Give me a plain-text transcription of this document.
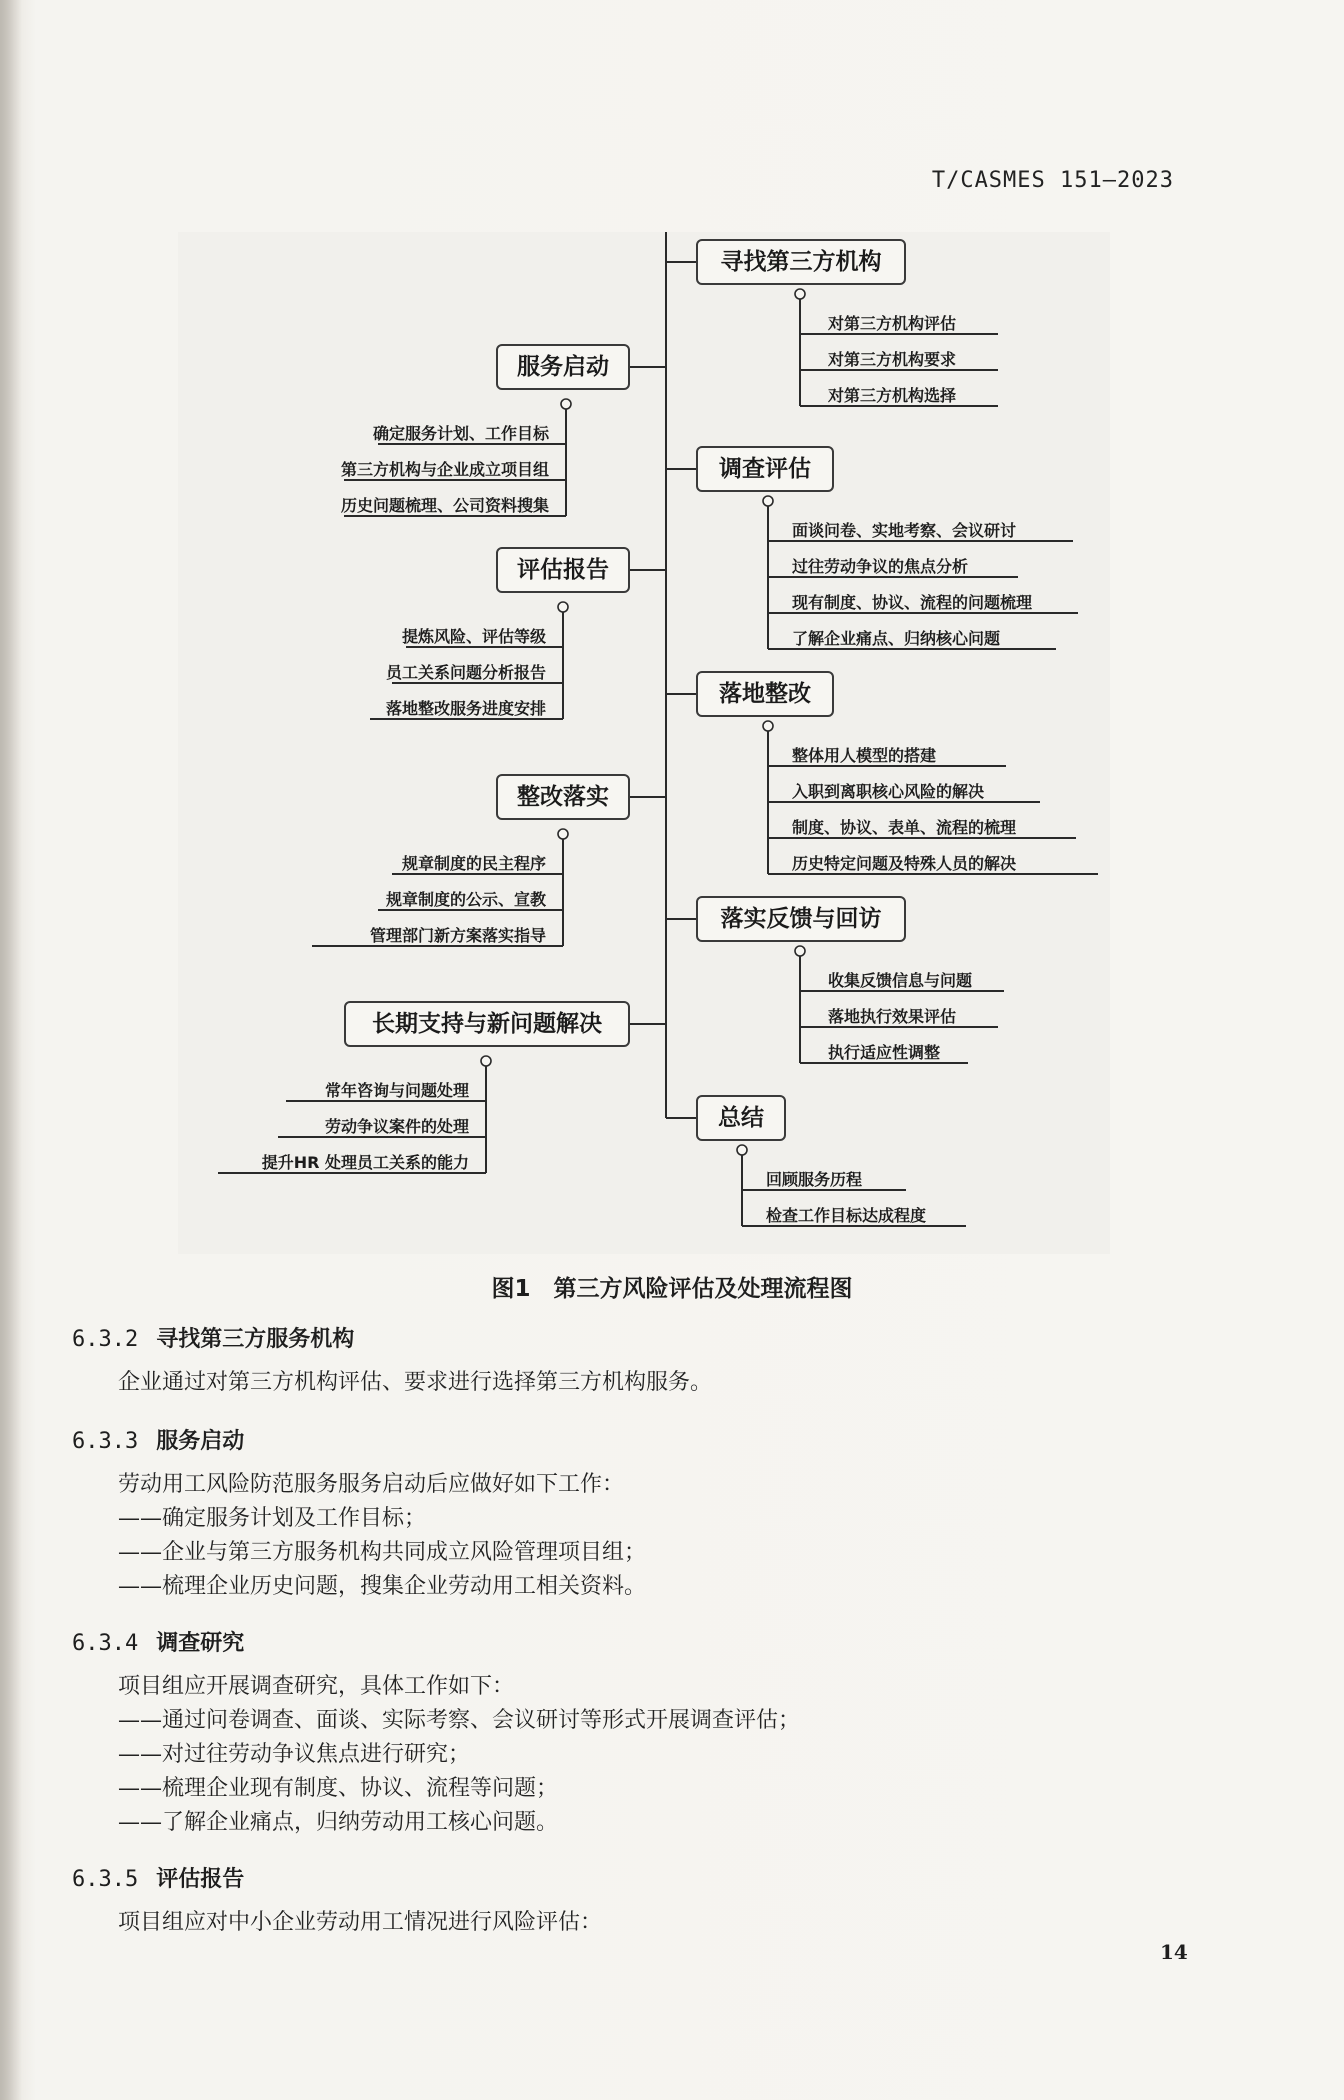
T/CASMES 151—2023
寻找第三方机构
调查评估
落地整改
落实反馈与回访
总结
服务启动
评估报告
整改落实
长期支持与新问题解决
对第三方机构评估
对第三方机构要求
对第三方机构选择
面谈问卷、实地考察、会议研讨
过往劳动争议的焦点分析
现有制度、协议、流程的问题梳理
了解企业痛点、归纳核心问题
整体用人模型的搭建
入职到离职核心风险的解决
制度、协议、表单、流程的梳理
历史特定问题及特殊人员的解决
收集反馈信息与问题
落地执行效果评估
执行适应性调整
回顾服务历程
检查工作目标达成程度
确定服务计划、工作目标
第三方机构与企业成立项目组
历史问题梳理、公司资料搜集
提炼风险、评估等级
员工关系问题分析报告
落地整改服务进度安排
规章制度的民主程序
规章制度的公示、宣教
管理部门新方案落实指导
常年咨询与问题处理
劳动争议案件的处理
提升HR 处理员工关系的能力
图1　第三方风险评估及处理流程图
6.3.2 寻找第三方服务机构
企业通过对第三方机构评估、要求进行选择第三方机构服务。
6.3.3 服务启动
劳动用工风险防范服务服务启动后应做好如下工作：
——确定服务计划及工作目标；
——企业与第三方服务机构共同成立风险管理项目组；
——梳理企业历史问题，搜集企业劳动用工相关资料。
6.3.4 调查研究
项目组应开展调查研究，具体工作如下：
——通过问卷调查、面谈、实际考察、会议研讨等形式开展调查评估；
——对过往劳动争议焦点进行研究；
——梳理企业现有制度、协议、流程等问题；
——了解企业痛点，归纳劳动用工核心问题。
6.3.5 评估报告
项目组应对中小企业劳动用工情况进行风险评估：
14
